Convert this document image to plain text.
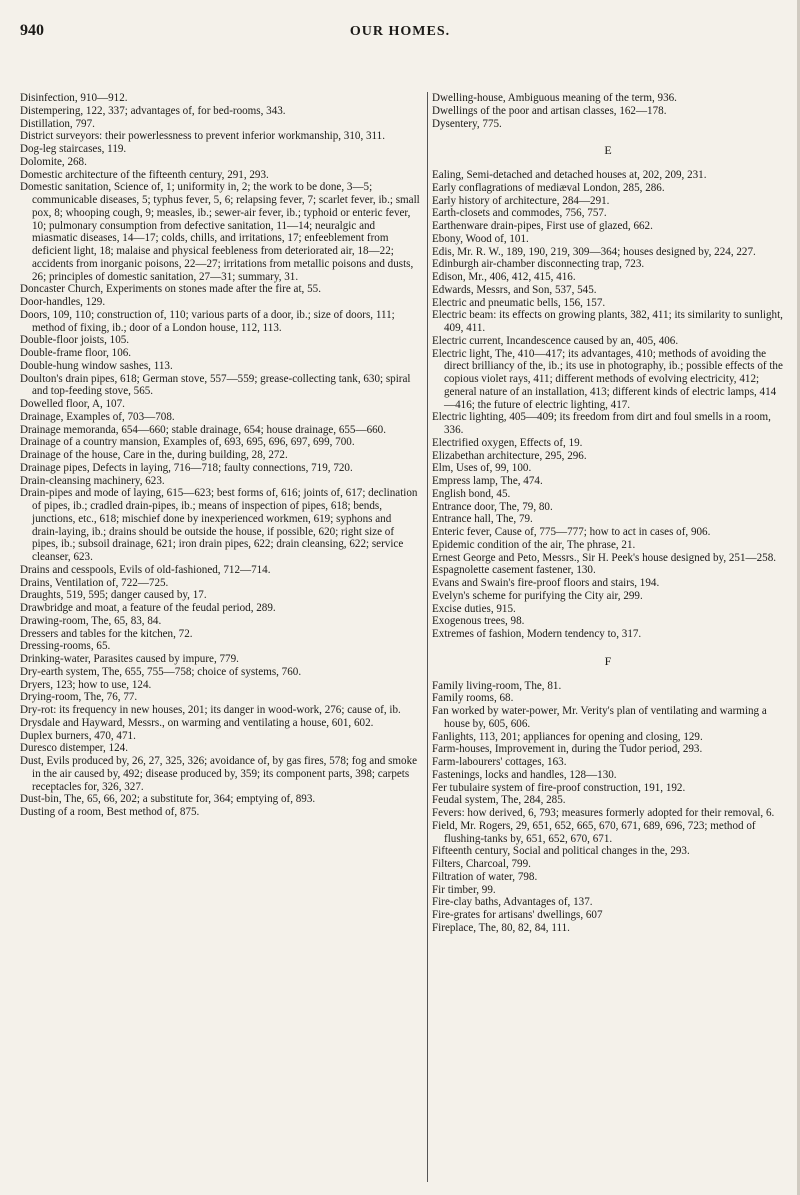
940	OUR HOMES.

Disinfection, 910—912.

Distempering, 122, 337; advantages of, for bed-rooms, 343.

Distillation, 797.

District surveyors: their powerlessness to prevent inferior workmanship, 310, 311.

Dog-leg staircases, 119.

Dolomite, 268.

Domestic architecture of the fifteenth century, 291, 293.

Domestic sanitation, Science of, 1; uniformity in, 2; the work to be done, 3—5; communicable diseases, 5; typhus fever, 5, 6; relapsing fever, 7; scarlet fever, ib.; small pox, 8; whooping cough, 9; measles, ib.; sewer-air fever, ib.; typhoid or enteric fever, 10; pulmonary consumption from defective sanitation, 11—14; neuralgic and miasmatic diseases, 14—17; colds, chills, and irritations, 17; enfeeblement from deficient light, 18; malaise and physical feebleness from deteriorated air, 18—22; accidents from inorganic poisons, 22—27; irritations from metallic poisons and dusts, 26; principles of domestic sanitation, 27—31; summary, 31.

Doncaster Church, Experiments on stones made after the fire at, 55.

Door-handles, 129.

Doors, 109, 110; construction of, 110; various parts of a door, ib.; size of doors, 111; method of fixing, ib.; door of a London house, 112, 113.

Double-floor joists, 105.

Double-frame floor, 106.

Double-hung window sashes, 113.

Doulton's drain pipes, 618; German stove, 557—559; grease-collecting tank, 630; spiral and top-feeding stove, 565.

Dowelled floor, A, 107.

Drainage, Examples of, 703—708.

Drainage memoranda, 654—660; stable drainage, 654; house drainage, 655—660.

Drainage of a country mansion, Examples of, 693, 695, 696, 697, 699, 700.

Drainage of the house, Care in the, during building, 28, 272.

Drainage pipes, Defects in laying, 716—718; faulty connections, 719, 720.

Drain-cleansing machinery, 623.

Drain-pipes and mode of laying, 615—623; best forms of, 616; joints of, 617; declination of pipes, ib.; cradled drain-pipes, ib.; means of inspection of pipes, 618; bends, junctions, etc., 618; mischief done by inexperienced workmen, 619; syphons and drain-laying, ib.; drains should be outside the house, if possible, 620; right size of pipes, ib.; subsoil drainage, 621; iron drain pipes, 622; drain cleansing, 622; service cleanser, 623.

Drains and cesspools, Evils of old-fashioned, 712—714.

Drains, Ventilation of, 722—725.

Draughts, 519, 595; danger caused by, 17.

Drawbridge and moat, a feature of the feudal period, 289.

Drawing-room, The, 65, 83, 84.

Dressers and tables for the kitchen, 72.

Dressing-rooms, 65.

Drinking-water, Parasites caused by impure, 779.

Dry-earth system, The, 655, 755—758; choice of systems, 760.

Dryers, 123; how to use, 124.

Drying-room, The, 76, 77.

Dry-rot: its frequency in new houses, 201; its danger in wood-work, 276; cause of, ib.

Drysdale and Hayward, Messrs., on warming and ventilating a house, 601, 602.

Duplex burners, 470, 471.

Duresco distemper, 124.

Dust, Evils produced by, 26, 27, 325, 326; avoidance of, by gas fires, 578; fog and smoke in the air caused by, 492; disease produced by, 359; its component parts, 398; carpets receptacles for, 326, 327.

Dust-bin, The, 65, 66, 202; a substitute for, 364; emptying of, 893.

Dusting of a room, Best method of, 875.

Dwelling-house, Ambiguous meaning of the term, 936.

Dwellings of the poor and artisan classes, 162—178.

Dysentery, 775.

E

Ealing, Semi-detached and detached houses at, 202, 209, 231.

Early conflagrations of mediæval London, 285, 286.

Early history of architecture, 284—291.

Earth-closets and commodes, 756, 757.

Earthenware drain-pipes, First use of glazed, 662.

Ebony, Wood of, 101.

Edis, Mr. R. W., 189, 190, 219, 309—364; houses designed by, 224, 227.

Edinburgh air-chamber disconnecting trap, 723.

Edison, Mr., 406, 412, 415, 416.

Edwards, Messrs, and Son, 537, 545.

Electric and pneumatic bells, 156, 157.

Electric beam: its effects on growing plants, 382, 411; its similarity to sunlight, 409, 411.

Electric current, Incandescence caused by an, 405, 406.

Electric light, The, 410—417; its advantages, 410; methods of avoiding the direct brilliancy of the, ib.; its use in photography, ib.; possible effects of the copious violet rays, 411; different methods of evolving electricity, 412; general nature of an installation, 413; different kinds of electric lamps, 414—416; the future of electric lighting, 417.

Electric lighting, 405—409; its freedom from dirt and foul smells in a room, 336.

Electrified oxygen, Effects of, 19.

Elizabethan architecture, 295, 296.

Elm, Uses of, 99, 100.

Empress lamp, The, 474.

English bond, 45.

Entrance door, The, 79, 80.

Entrance hall, The, 79.

Enteric fever, Cause of, 775—777; how to act in cases of, 906.

Epidemic condition of the air, The phrase, 21.

Ernest George and Peto, Messrs., Sir H. Peek's house designed by, 251—258.

Espagnolette casement fastener, 130.

Evans and Swain's fire-proof floors and stairs, 194.

Evelyn's scheme for purifying the City air, 299.

Excise duties, 915.

Exogenous trees, 98.

Extremes of fashion, Modern tendency to, 317.

F

Family living-room, The, 81.

Family rooms, 68.

Fan worked by water-power, Mr. Verity's plan of ventilating and warming a house by, 605, 606.

Fanlights, 113, 201; appliances for opening and closing, 129.

Farm-houses, Improvement in, during the Tudor period, 293.

Farm-labourers' cottages, 163.

Fastenings, locks and handles, 128—130.

Fer tubulaire system of fire-proof construction, 191, 192.

Feudal system, The, 284, 285.

Fevers: how derived, 6, 793; measures formerly adopted for their removal, 6.

Field, Mr. Rogers, 29, 651, 652, 665, 670, 671, 689, 696, 723; method of flushing-tanks by, 651, 652, 670, 671.

Fifteenth century, Social and political changes in the, 293.

Filters, Charcoal, 799.

Filtration of water, 798.

Fir timber, 99.

Fire-clay baths, Advantages of, 137.

Fire-grates for artisans' dwellings, 607

Fireplace, The, 80, 82, 84, 111.
